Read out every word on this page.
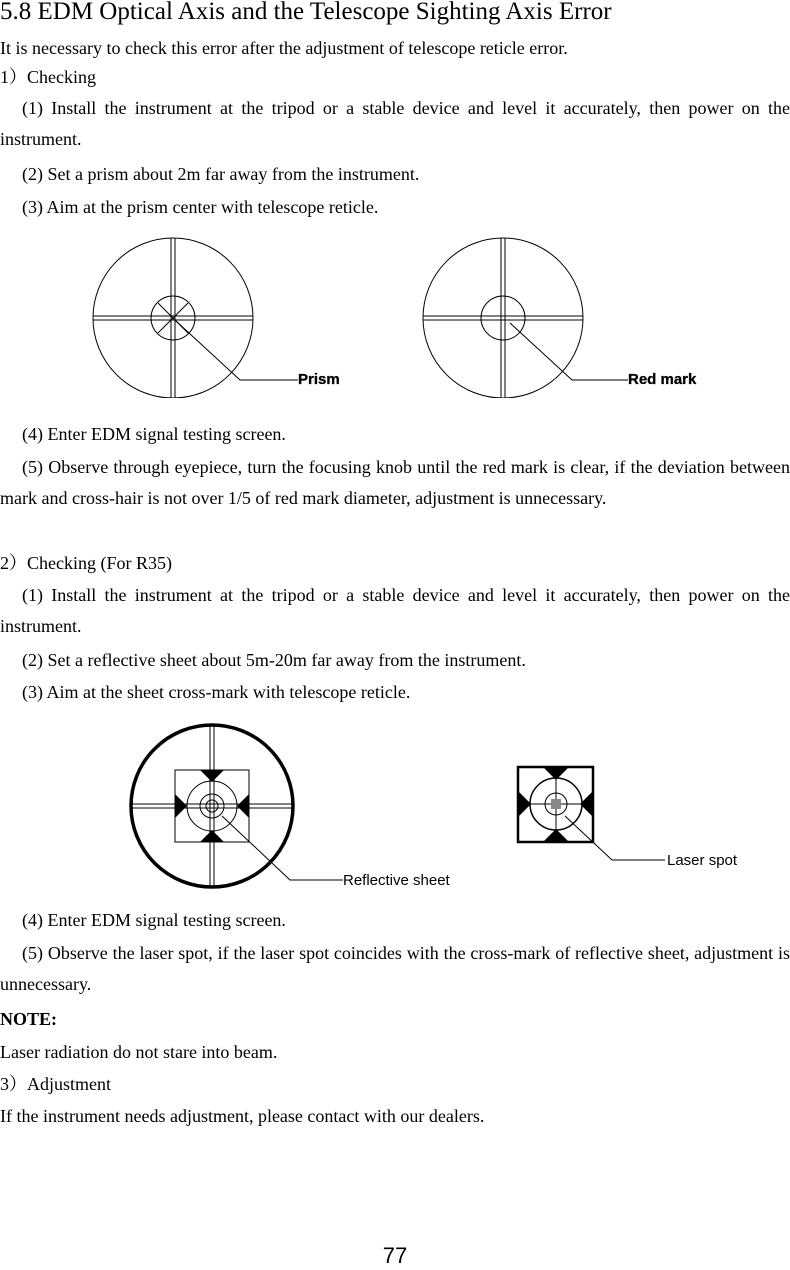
5.8 EDM Optical Axis and the Telescope Sighting Axis Error

It is necessary to check this error after the adjustment of telescope reticle error.

1）Checking

(1) Install the instrument at the tripod or a stable device and level it accurately, then power on the instrument.

(2) Set a prism about 2m far away from the instrument.

(3) Aim at the prism center with telescope reticle.

Prism	Red mark

(4) Enter EDM signal testing screen.

(5) Observe through eyepiece, turn the focusing knob until the red mark is clear, if the deviation between mark and cross-hair is not over 1/5 of red mark diameter, adjustment is unnecessary.

2）Checking (For R35)

(1) Install the instrument at the tripod or a stable device and level it accurately, then power on the instrument.

(2) Set a reflective sheet about 5m-20m far away from the instrument.

(3) Aim at the sheet cross-mark with telescope reticle.

Reflective sheet
Laser spot

(4) Enter EDM signal testing screen.

(5) Observe the laser spot, if the laser spot coincides with the cross-mark of reflective sheet, adjustment is unnecessary.

NOTE:

Laser radiation do not stare into beam.

3）Adjustment

If the instrument needs adjustment, please contact with our dealers.

77
